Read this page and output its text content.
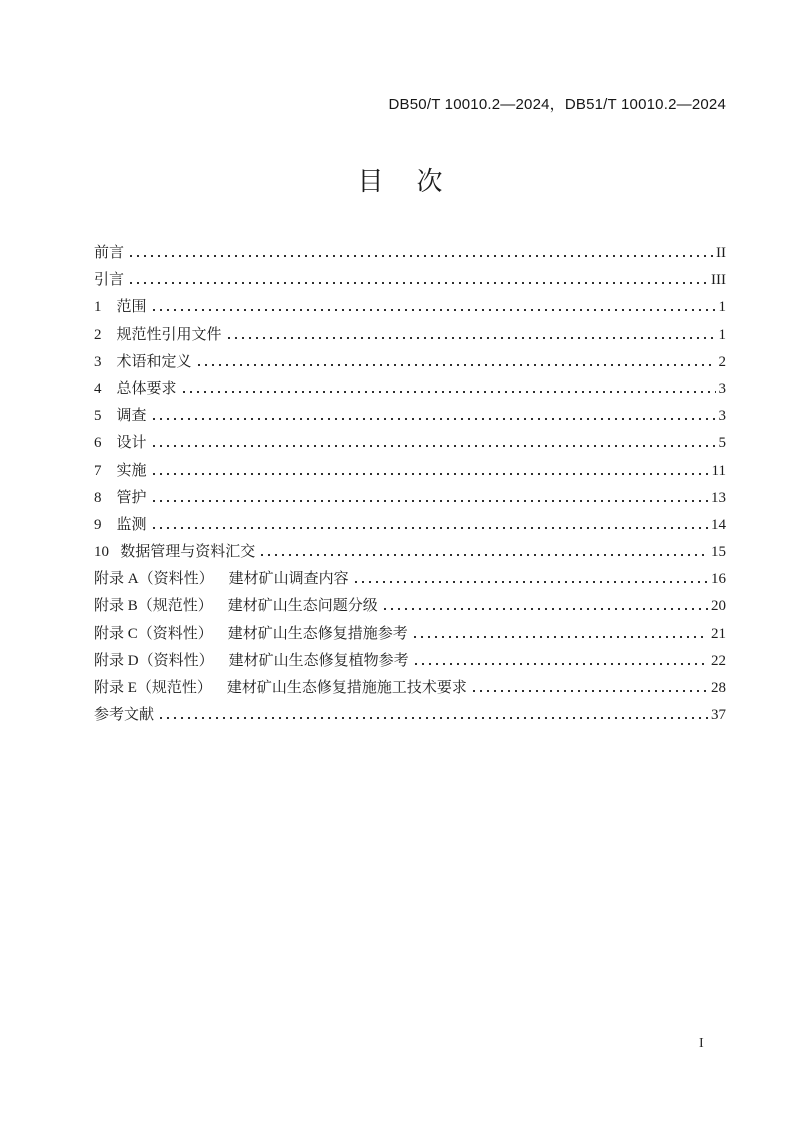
DB50/T 10010.2—2024，DB51/T 10010.2—2024
目    次
前言	II
引言	III
1    范围	1
2    规范性引用文件	1
3    术语和定义	2
4    总体要求	3
5    调查	3
6    设计	5
7    实施	11
8    管护	13
9    监测	14
10   数据管理与资料汇交	15
附录 A（资料性）    建材矿山调查内容	16
附录 B（规范性）    建材矿山生态问题分级	20
附录 C（资料性）    建材矿山生态修复措施参考	21
附录 D（资料性）    建材矿山生态修复植物参考	22
附录 E（规范性）    建材矿山生态修复措施施工技术要求	28
参考文献	37
I
